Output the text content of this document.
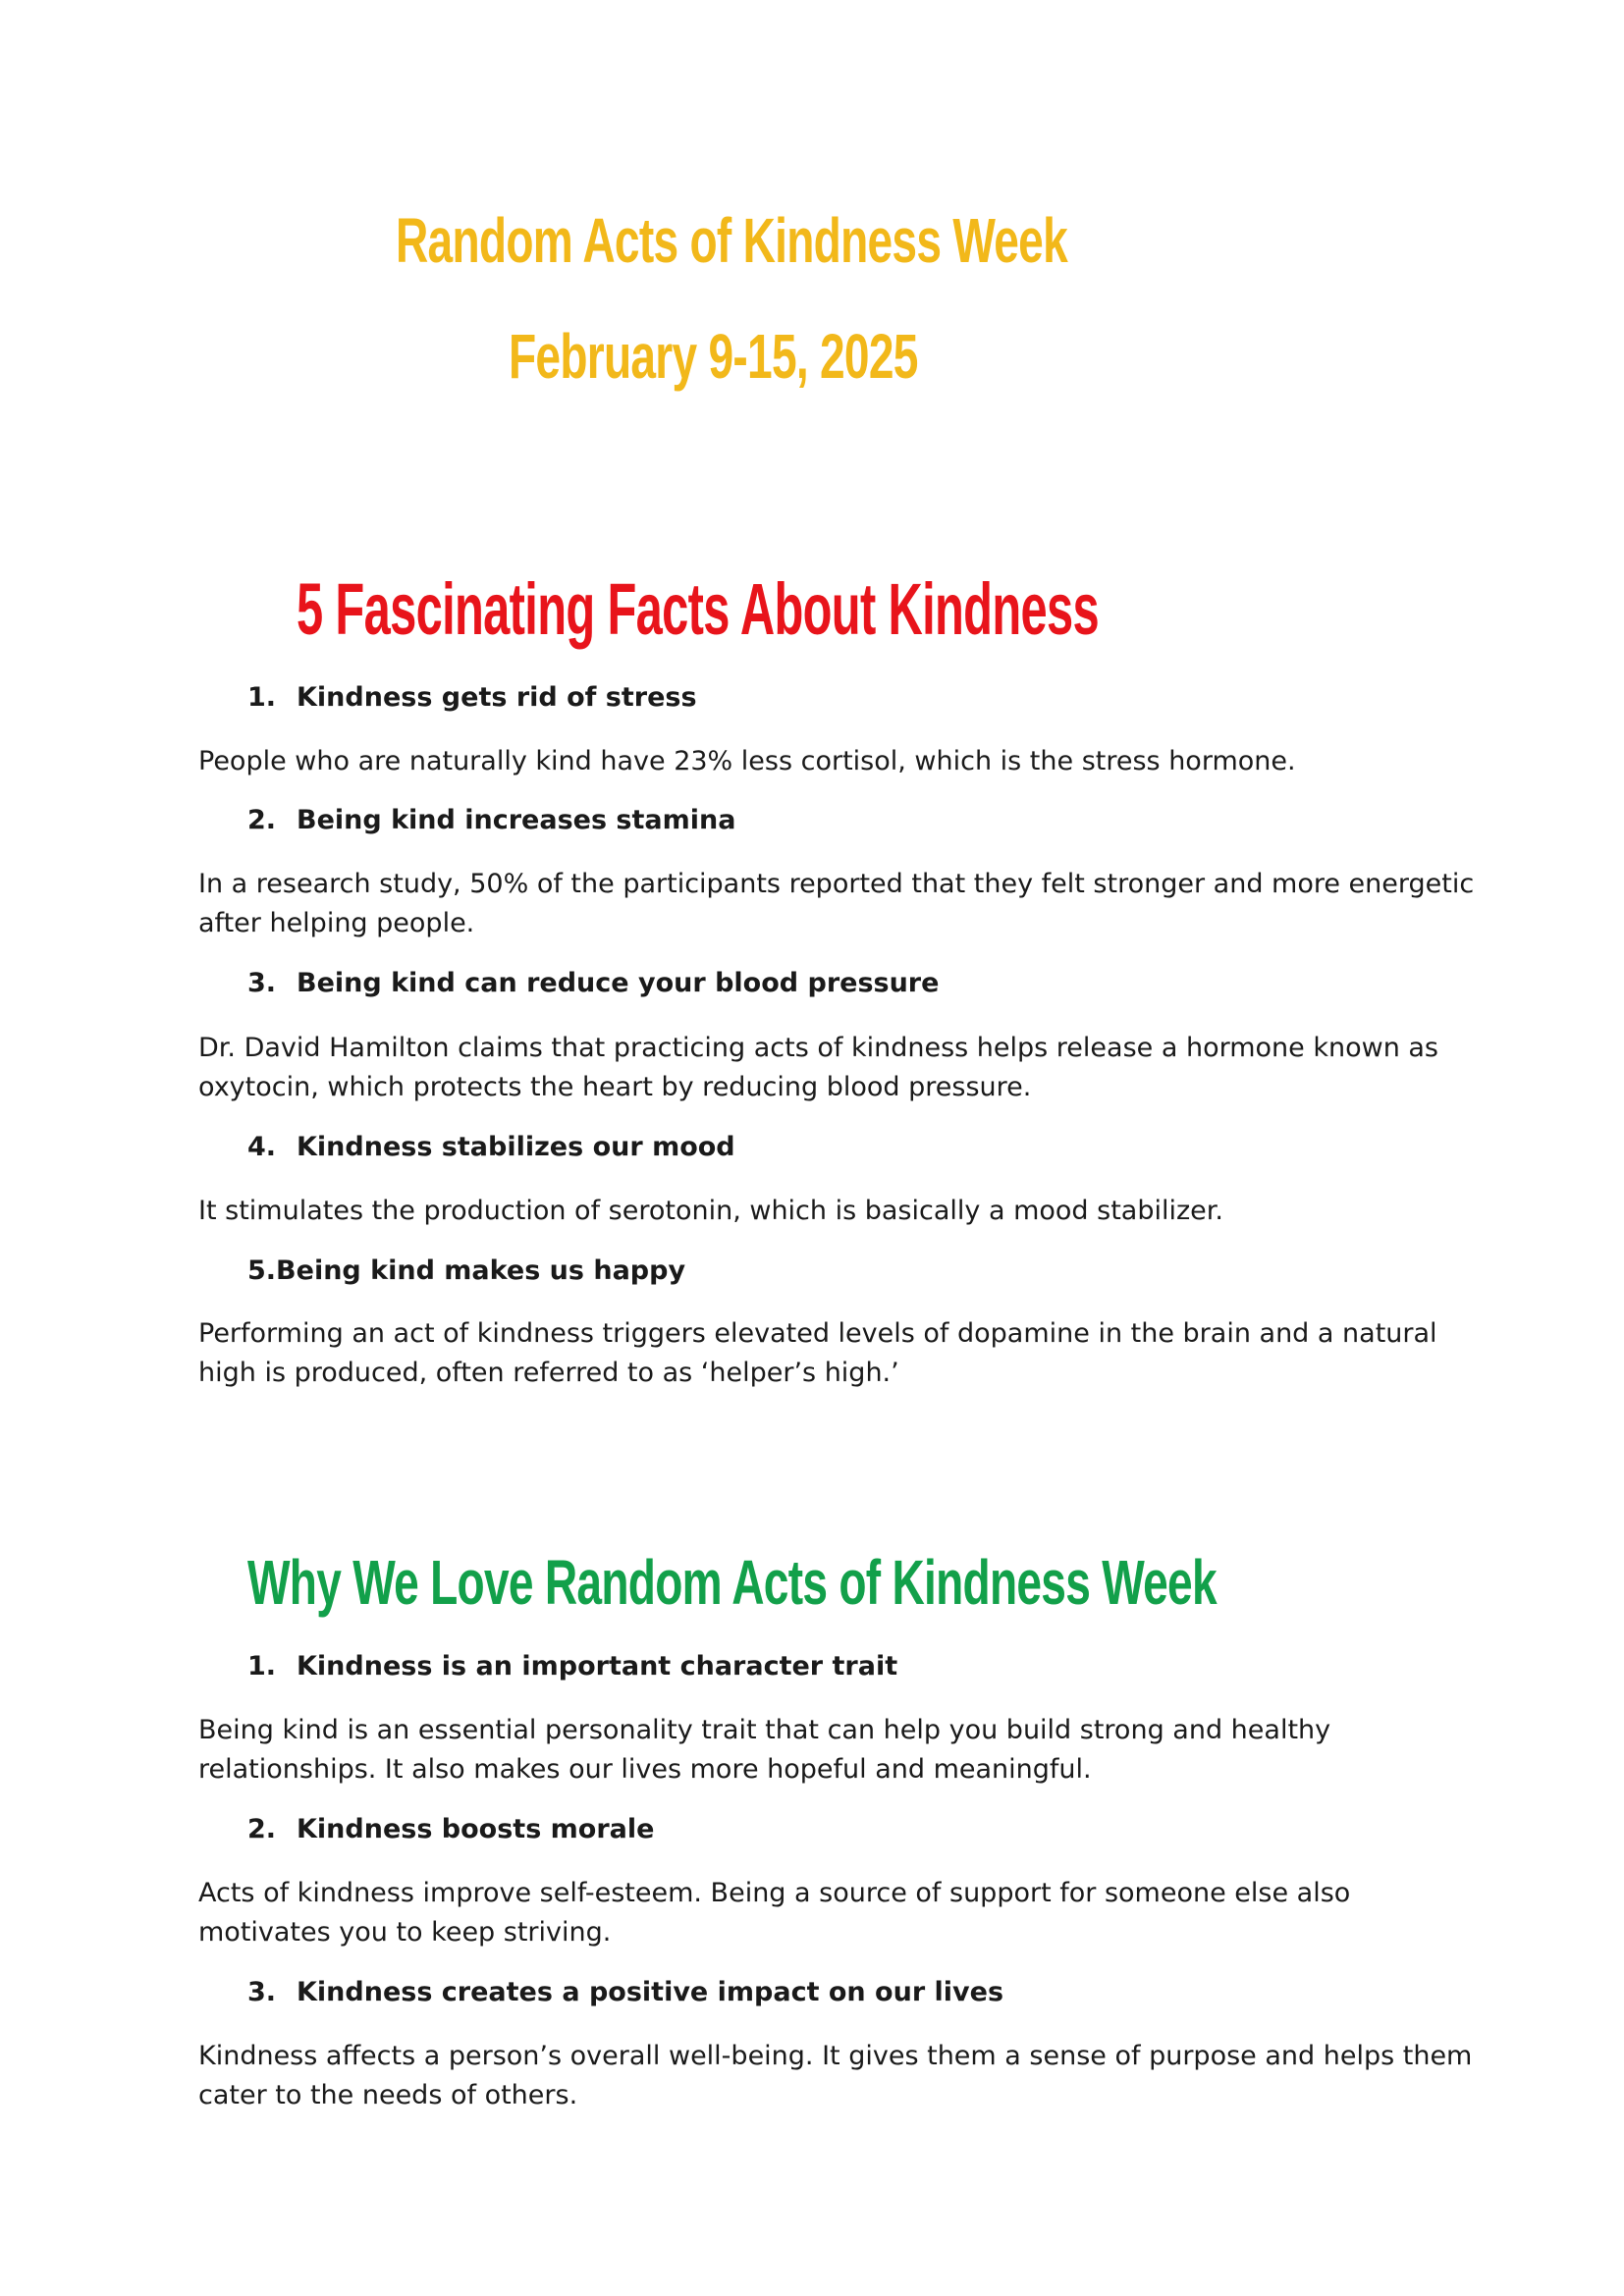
Random Acts of Kindness Week
February 9-15, 2025
5 Fascinating Facts About Kindness
1. Kindness gets rid of stress
People who are naturally kind have 23% less cortisol, which is the stress hormone.
2. Being kind increases stamina
In a research study, 50% of the participants reported that they felt stronger and more energetic
after helping people.
3. Being kind can reduce your blood pressure
Dr. David Hamilton claims that practicing acts of kindness helps release a hormone known as
oxytocin, which protects the heart by reducing blood pressure.
4. Kindness stabilizes our mood
It stimulates the production of serotonin, which is basically a mood stabilizer.
5.Being kind makes us happy
Performing an act of kindness triggers elevated levels of dopamine in the brain and a natural
high is produced, often referred to as ‘helper’s high.’
Why We Love Random Acts of Kindness Week
1. Kindness is an important character trait
Being kind is an essential personality trait that can help you build strong and healthy
relationships. It also makes our lives more hopeful and meaningful.
2. Kindness boosts morale
Acts of kindness improve self-esteem. Being a source of support for someone else also
motivates you to keep striving.
3. Kindness creates a positive impact on our lives
Kindness affects a person’s overall well-being. It gives them a sense of purpose and helps them
cater to the needs of others.
